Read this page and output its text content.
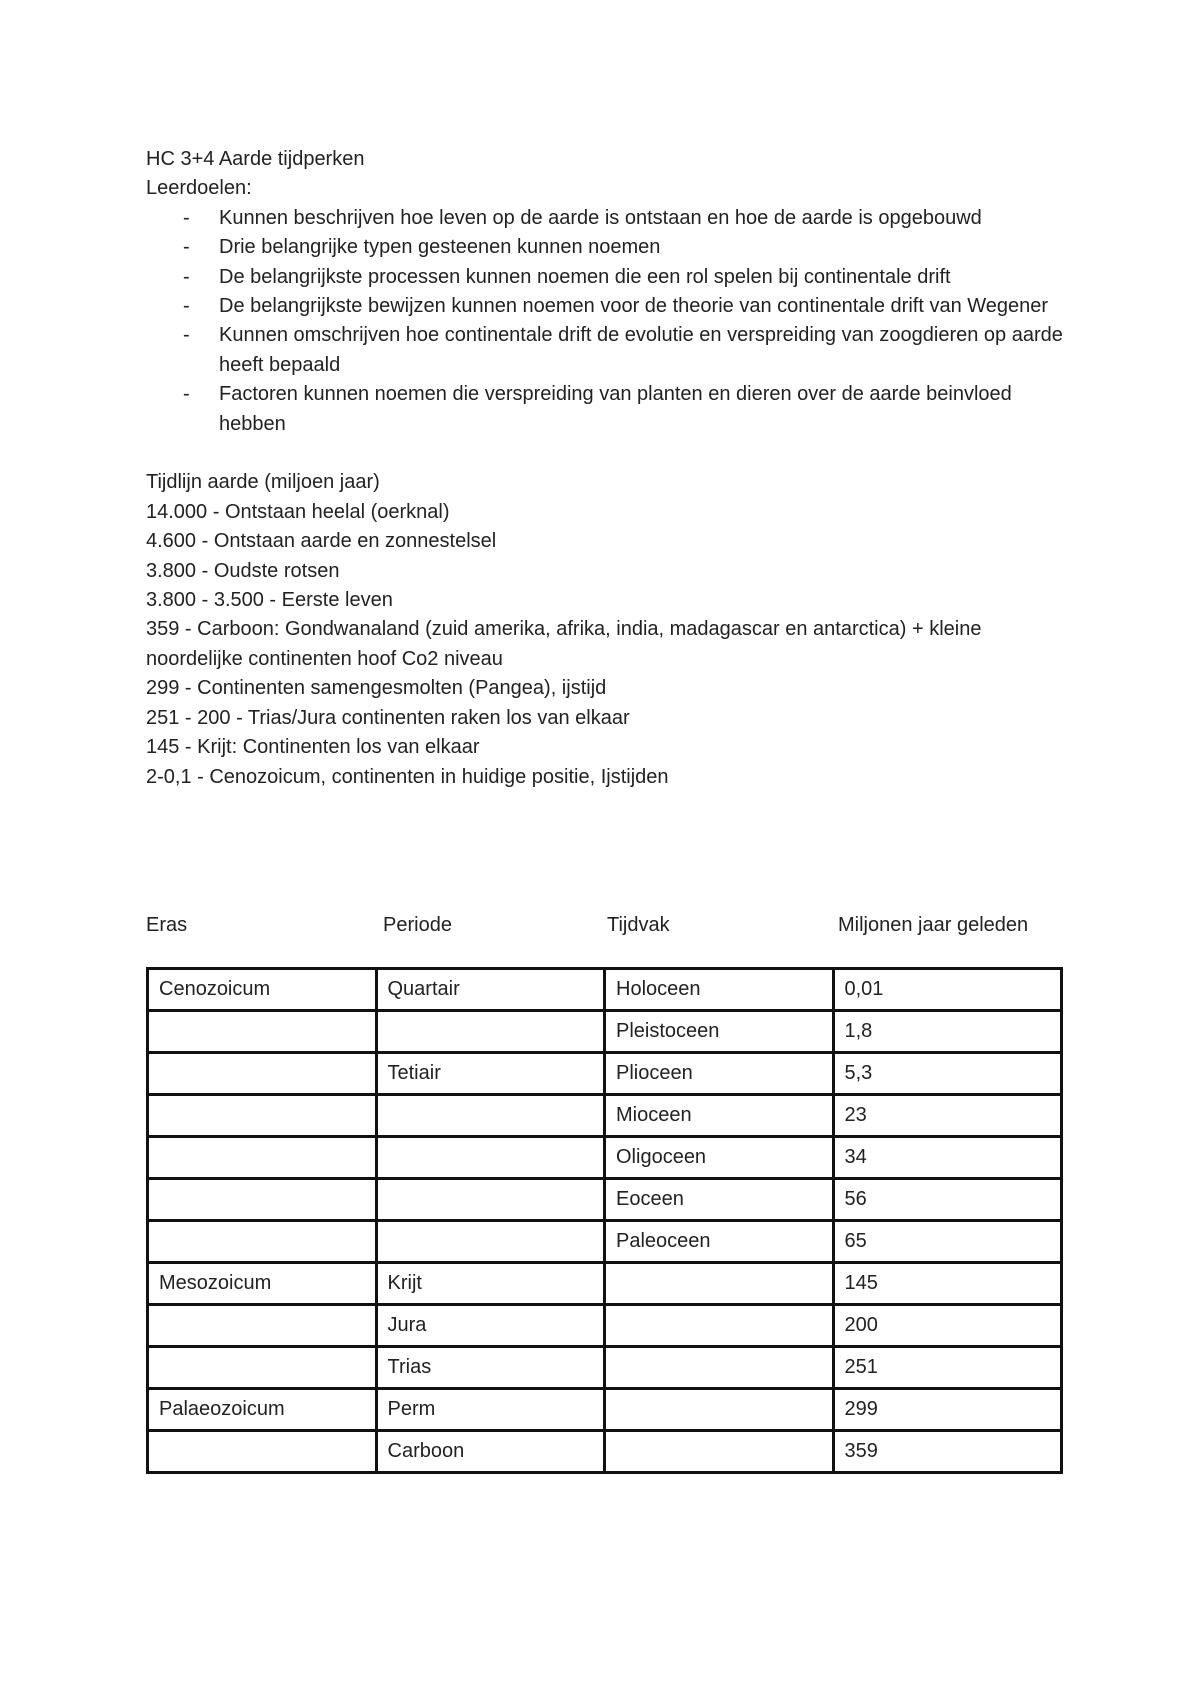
HC 3+4 Aarde tijdperken

Leerdoelen:

- Kunnen beschrijven hoe leven op de aarde is ontstaan en hoe de aarde is opgebouwd
- Drie belangrijke typen gesteenen kunnen noemen
- De belangrijkste processen kunnen noemen die een rol spelen bij continentale drift
- De belangrijkste bewijzen kunnen noemen voor de theorie van continentale drift van Wegener
- Kunnen omschrijven hoe continentale drift de evolutie en verspreiding van zoogdieren op aarde heeft bepaald
- Factoren kunnen noemen die verspreiding van planten en dieren over de aarde beinvloed hebben

Tijdlijn aarde (miljoen jaar)

14.000 - Ontstaan heelal (oerknal)

4.600 - Ontstaan aarde en zonnestelsel

3.800 - Oudste rotsen

3.800 - 3.500 - Eerste leven

359 - Carboon: Gondwanaland (zuid amerika, afrika, india, madagascar en antarctica) + kleine noordelijke continenten hoof Co2 niveau

299 - Continenten samengesmolten (Pangea), ijstijd

251 - 200 - Trias/Jura continenten raken los van elkaar

145 - Krijt: Continenten los van elkaar

2-0,1 - Cenozoicum, continenten in huidige positie, Ijstijden

Eras	Periode	Tijdvak	Miljonen jaar geleden
Cenozoicum	Quartair	Holoceen	0,01
		Pleistoceen	1,8
	Tetiair	Plioceen	5,3
		Mioceen	23
		Oligoceen	34
		Eoceen	56
		Paleoceen	65
Mesozoicum	Krijt		145
	Jura		200
	Trias		251
Palaeozoicum	Perm		299
	Carboon		359
